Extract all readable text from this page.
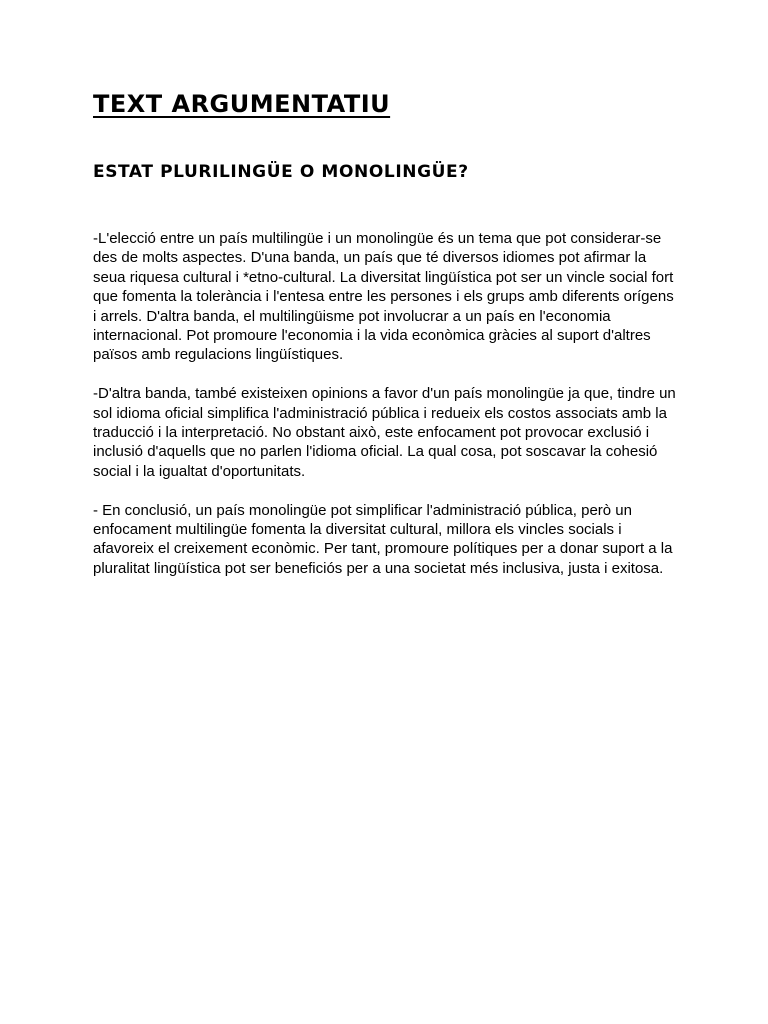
TEXT ARGUMENTATIU
ESTAT PLURILINGÜE O MONOLINGÜE?

-L'elecció entre un país multilingüe i un monolingüe és un tema que pot considerar-se des de molts aspectes. D'una banda, un país que té diversos idiomes pot afirmar la seua riquesa cultural i *etno-cultural. La diversitat lingüística pot ser un vincle social fort que fomenta la tolerància i l'entesa entre les persones i els grups amb diferents orígens i arrels. D'altra banda, el multilingüisme pot involucrar a un país en l'economia internacional. Pot promoure l'economia i la vida econòmica gràcies al suport d'altres països amb regulacions lingüístiques.

-D'altra banda, també existeixen opinions a favor d'un país monolingüe ja que, tindre un sol idioma oficial simplifica l'administració pública i redueix els costos associats amb la traducció i la interpretació. No obstant això, este enfocament pot provocar exclusió i inclusió d'aquells que no parlen l'idioma oficial. La qual cosa, pot soscavar la cohesió social i la igualtat d'oportunitats.

- En conclusió, un país monolingüe pot simplificar l'administració pública, però un enfocament multilingüe fomenta la diversitat cultural, millora els vincles socials i afavoreix el creixement econòmic. Per tant, promoure polítiques per a donar suport a la pluralitat lingüística pot ser beneficiós per a una societat més inclusiva, justa i exitosa.
